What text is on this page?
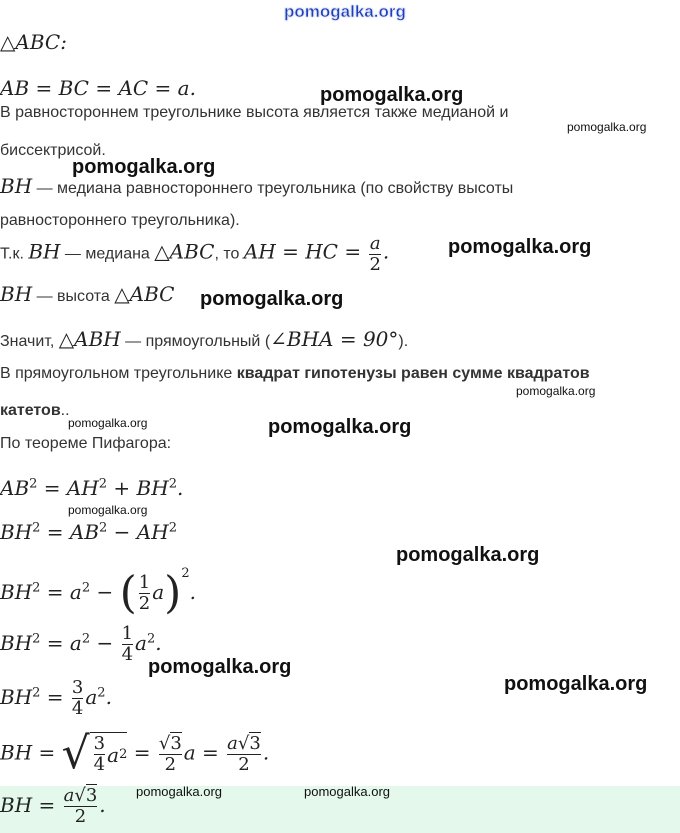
pomogalka.org
△ABC:
AB = BC = AC = a.
В равностороннем треугольнике высота является также медианой и
биссектрисой.
BH — медиана равностороннего треугольника (по свойству высоты
равностороннего треугольника).
Т.к. BH — медиана △ABC, то AH = HC = $\frac{a}{2}$ .
BH — высота △ABC
Значит, △ABH — прямоугольный (∠BHA = 90°).
В прямоугольном треугольнике квадрат гипотенузы равен сумме квадратов
катетов..
По теореме Пифагора:
$AB^2 = AH^2 + BH^2$.
$BH^2 = AB^2 - AH^2$
$BH^2 = a^2$ − ( $\frac{1}{2} a)^2$.
$BH^2 = a^2 - \frac{1}{4} a^2$.
$BH^2 = \frac{3}{4} a^2$.
BH = √ $\frac{3}{4}$ a $2 = \frac{√3}{2}$ $a = \frac{a√3}{2}$ .
BH = $\frac{a√3}{2}$ .
pomogalka.org
pomogalka.org
pomogalka.org
pomogalka.org
pomogalka.org
pomogalka.org
pomogalka.org	pomogalka.org
pomogalka.org
pomogalka.org
pomogalka.org
pomogalka.org
pomogalka.org	pomogalka.org
